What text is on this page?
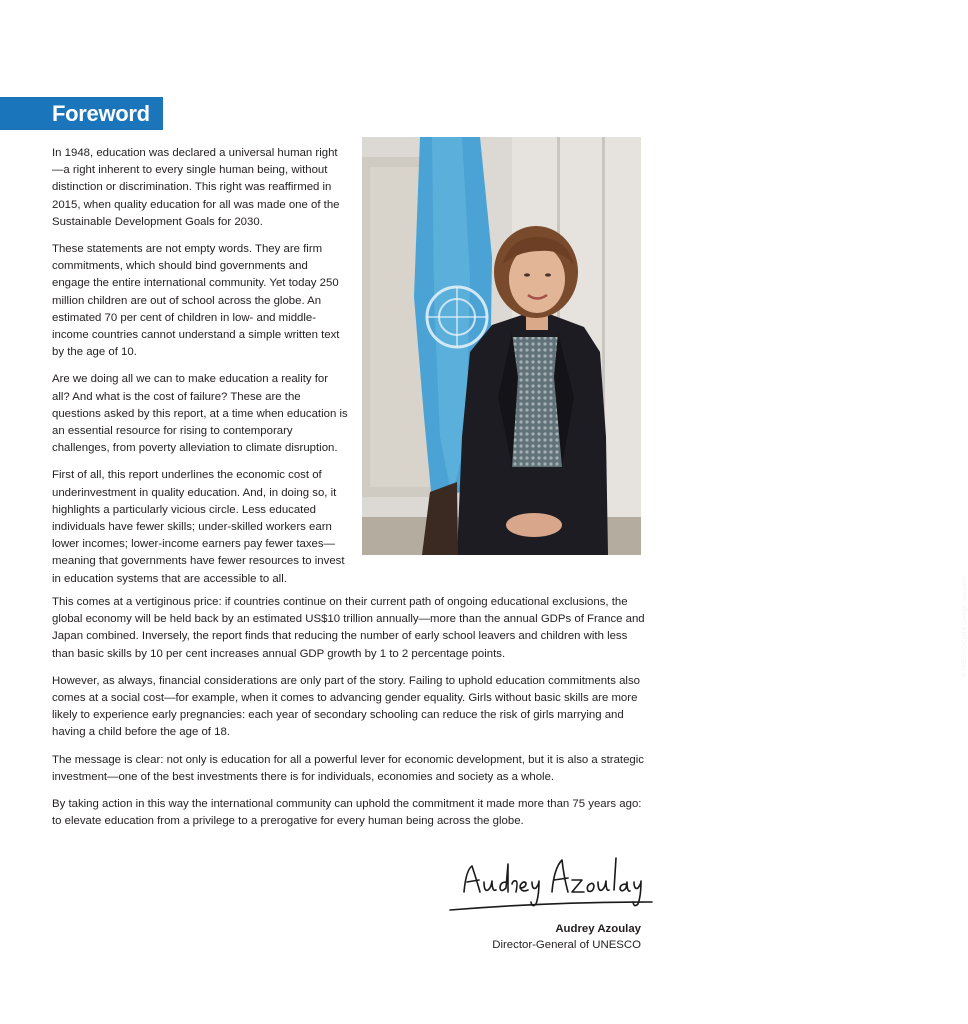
Foreword

In 1948, education was declared a universal human right—a right inherent to every single human being, without distinction or discrimination. This right was reaffirmed in 2015, when quality education for all was made one of the Sustainable Development Goals for 2030.

These statements are not empty words. They are firm commitments, which should bind governments and engage the entire international community. Yet today 250 million children are out of school across the globe. An estimated 70 per cent of children in low- and middle-income countries cannot understand a simple written text by the age of 10.

Are we doing all we can to make education a reality for all? And what is the cost of failure? These are the questions asked by this report, at a time when education is an essential resource for rising to contemporary challenges, from poverty alleviation to climate disruption.

First of all, this report underlines the economic cost of underinvestment in quality education. And, in doing so, it highlights a particularly vicious circle. Less educated individuals have fewer skills; under-skilled workers earn lower incomes; lower-income earners pay fewer taxes—meaning that governments have fewer resources to invest in education systems that are accessible to all.	© UNESCO/Cyril e George Jerusalem

This comes at a vertiginous price: if countries continue on their current path of ongoing educational exclusions, the global economy will be held back by an estimated US$10 trillion annually—more than the annual GDPs of France and Japan combined. Inversely, the report finds that reducing the number of early school leavers and children with less than basic skills by 10 per cent increases annual GDP growth by 1 to 2 percentage points.

However, as always, financial considerations are only part of the story. Failing to uphold education commitments also comes at a social cost—for example, when it comes to advancing gender equality. Girls without basic skills are more likely to experience early pregnancies: each year of secondary schooling can reduce the risk of girls marrying and having a child before the age of 18.

The message is clear: not only is education for all a powerful lever for economic development, but it is also a strategic investment—one of the best investments there is for individuals, economies and society as a whole.

By taking action in this way the international community can uphold the commitment it made more than 75 years ago: to elevate education from a privilege to a prerogative for every human being across the globe.

Audrey Azoulay
Director-General of UNESCO
